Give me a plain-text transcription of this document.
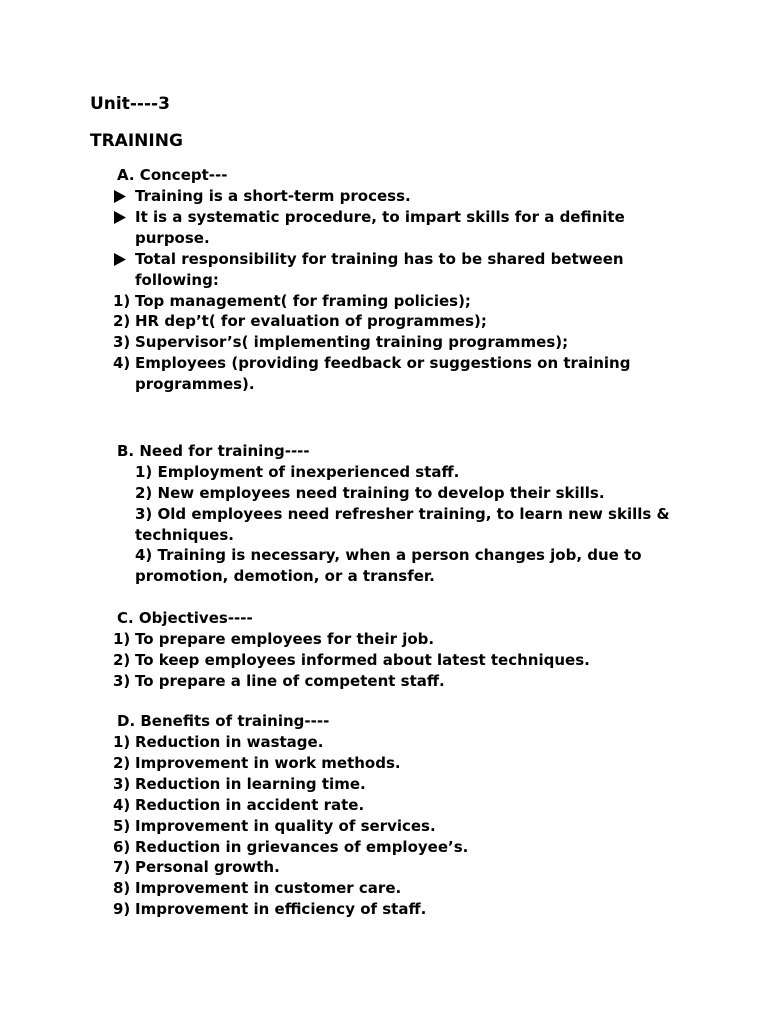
Unit----3
TRAINING
A. Concept---
Training is a short-term process.
It is a systematic procedure, to impart skills for a definite purpose.
Total responsibility for training has to be shared between following:
1) Top management( for framing policies);
2) HR dep’t( for evaluation of programmes);
3) Supervisor’s( implementing training programmes);
4) Employees (providing feedback or suggestions on training programmes).
B. Need for training----
1) Employment of inexperienced staff.
2) New employees need training to develop their skills.
3) Old employees need refresher training, to learn new skills & techniques.
4) Training is necessary, when a person changes job, due to promotion, demotion, or a transfer.
C. Objectives----
1) To prepare employees for their job.
2) To keep employees informed about latest techniques.
3) To prepare a line of competent staff.
D. Benefits of training----
1) Reduction in wastage.
2) Improvement in work methods.
3) Reduction in learning time.
4) Reduction in accident rate.
5) Improvement in quality of services.
6) Reduction in grievances of employee’s.
7) Personal growth.
8) Improvement in customer care.
9) Improvement in efficiency of staff.
